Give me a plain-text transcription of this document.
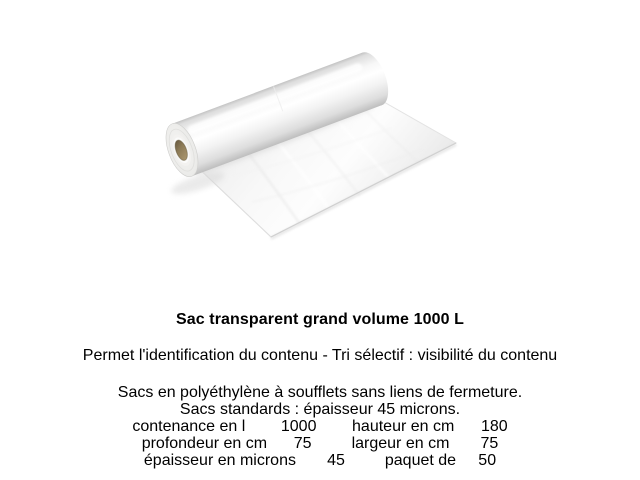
Sac transparent grand volume 1000 L

Permet l'identification du contenu - Tri sélectif : visibilité du contenu

Sacs en polyéthylène à soufflets sans liens de fermeture.
Sacs standards : épaisseur 45 microns.
contenance en l        1000        hauteur en cm      180
profondeur en cm      75         largeur en cm       75
épaisseur en microns       45         paquet de     50
